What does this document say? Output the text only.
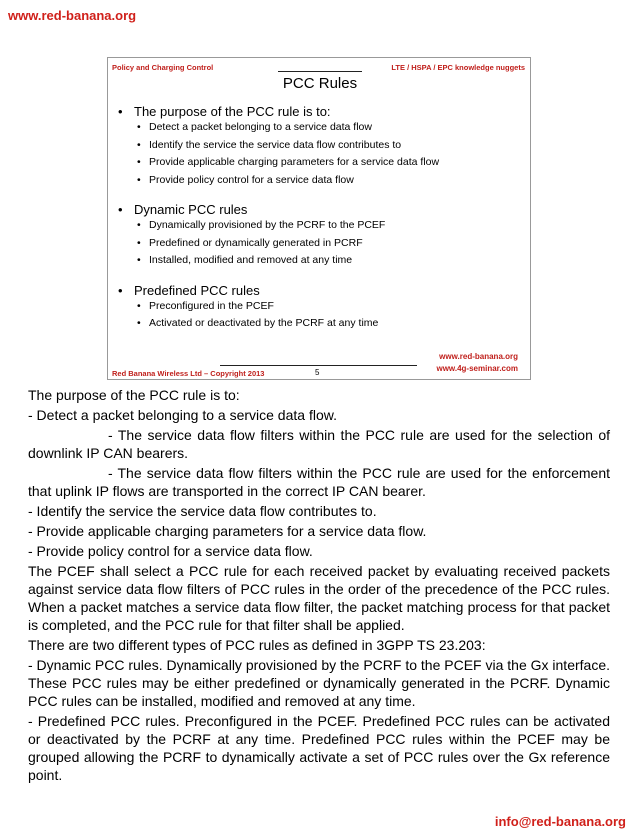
www.red-banana.org
Policy and Charging Control	LTE / HSPA / EPC knowledge nuggets
PCC Rules

• The purpose of the PCC rule is to:

• Detect a packet belonging to a service data flow

• Identify the service the service data flow contributes to

• Provide applicable charging parameters for a service data flow

• Provide policy control for a service data flow

• Dynamic PCC rules

• Dynamically provisioned by the PCRF to the PCEF

• Predefined or dynamically generated in PCRF

• Installed, modified and removed at any time

• Predefined PCC rules

• Preconfigured in the PCEF

• Activated or deactivated by the PCRF at any time

www.red-banana.org
www.4g-seminar.com
Red Banana Wireless Ltd – Copyright 2013	5

The purpose of the PCC rule is to:

- Detect a packet belonging to a service data flow.

- The service data flow filters within the PCC rule are used for the selection of downlink IP CAN bearers.

- The service data flow filters within the PCC rule are used for the enforcement that uplink IP flows are transported in the correct IP CAN bearer.

- Identify the service the service data flow contributes to.

- Provide applicable charging parameters for a service data flow.

- Provide policy control for a service data flow.

The PCEF shall select a PCC rule for each received packet by evaluating received packets against service data flow filters of PCC rules in the order of the precedence of the PCC rules. When a packet matches a service data flow filter, the packet matching process for that packet is completed, and the PCC rule for that filter shall be applied.

There are two different types of PCC rules as defined in 3GPP TS 23.203:

- Dynamic PCC rules. Dynamically provisioned by the PCRF to the PCEF via the Gx interface. These PCC rules may be either predefined or dynamically generated in the PCRF. Dynamic PCC rules can be installed, modified and removed at any time.

- Predefined PCC rules. Preconfigured in the PCEF. Predefined PCC rules can be activated or deactivated by the PCRF at any time. Predefined PCC rules within the PCEF may be grouped allowing the PCRF to dynamically activate a set of PCC rules over the Gx reference point.

info@red-banana.org
